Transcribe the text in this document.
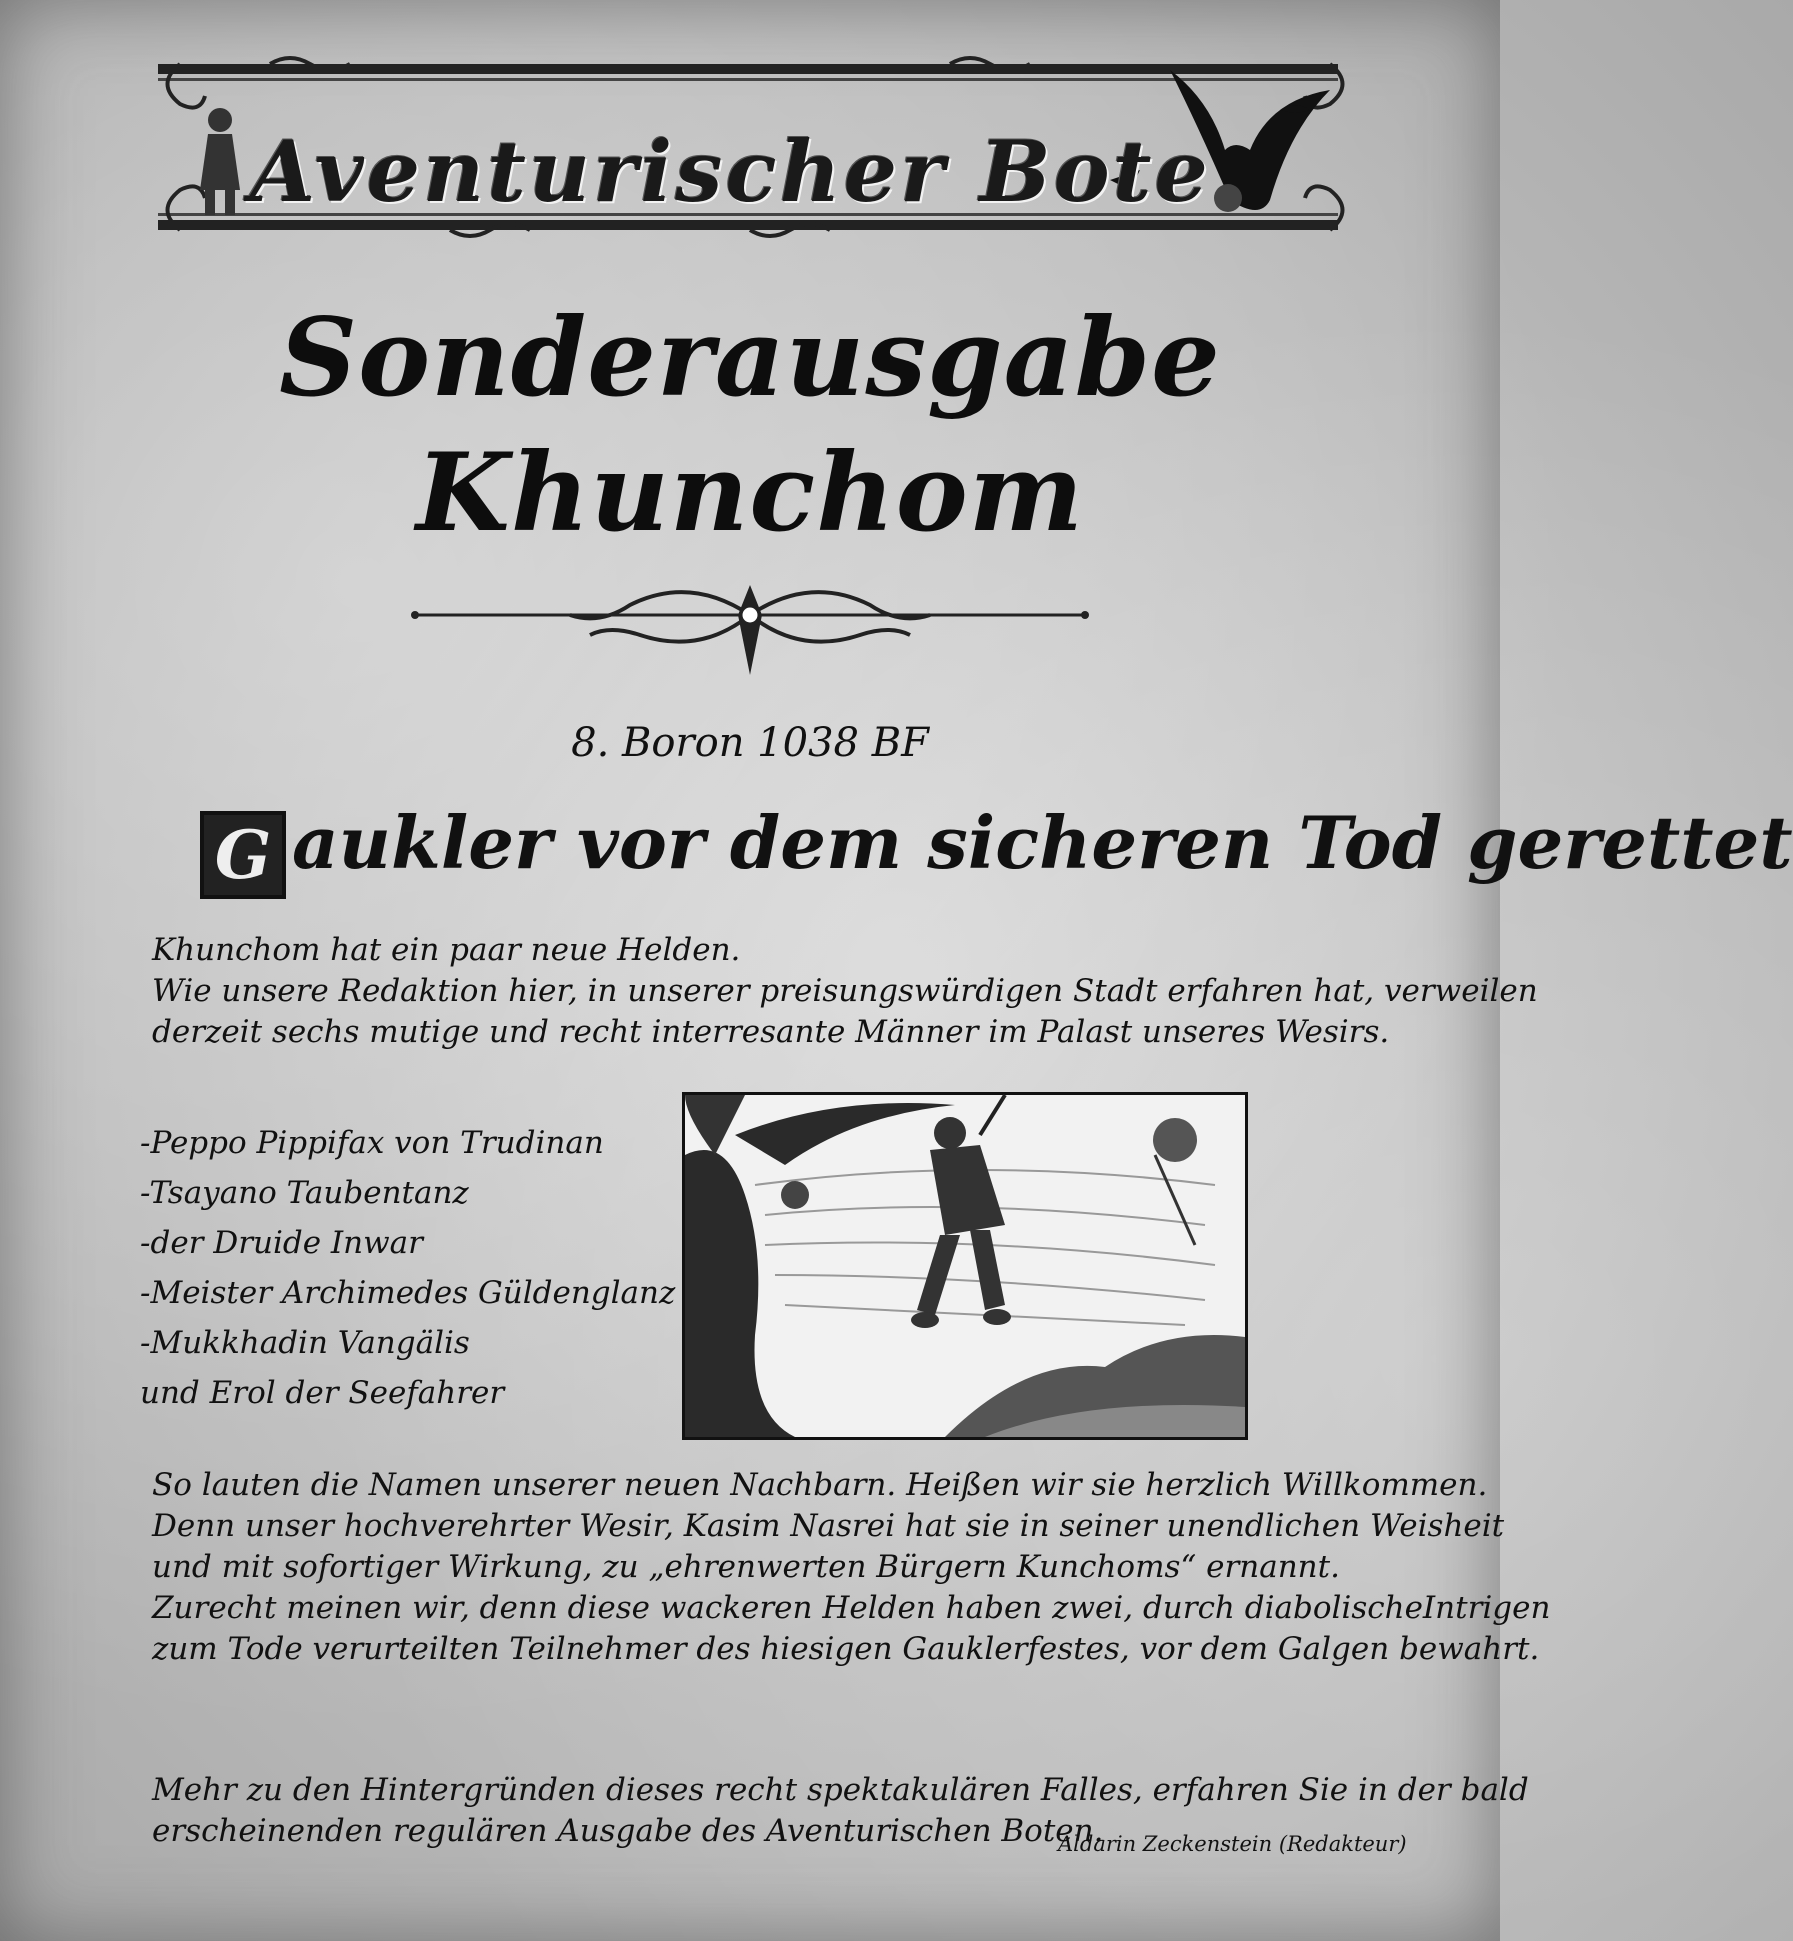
Aventurischer Bote
Sonderausgabe
Khunchom
8. Boron 1038 BF
G aukler vor dem sicheren Tod gerettet
Khunchom hat ein paar neue Helden.
Wie unsere Redaktion hier, in unserer preisungswürdigen Stadt erfahren hat, verweilen
derzeit sechs mutige und recht interresante Männer im Palast unseres Wesirs.
-Peppo Pippifax von Trudinan
-Tsayano Taubentanz
-der Druide Inwar
-Meister Archimedes Güldenglanz
-Mukkhadin Vangälis
und Erol der Seefahrer
So lauten die Namen unserer neuen Nachbarn. Heißen wir sie herzlich Willkommen.
Denn unser hochverehrter Wesir, Kasim Nasrei hat sie in seiner unendlichen Weisheit
und mit sofortiger Wirkung, zu „ehrenwerten Bürgern Kunchoms“ ernannt.
Zurecht meinen wir, denn diese wackeren Helden haben zwei, durch diabolischeIntrigen
zum Tode verurteilten Teilnehmer des hiesigen Gauklerfestes, vor dem Galgen bewahrt.
Mehr zu den Hintergründen dieses recht spektakulären Falles, erfahren Sie in der bald
erscheinenden regulären Ausgabe des Aventurischen Boten.
Aldarin Zeckenstein (Redakteur)
